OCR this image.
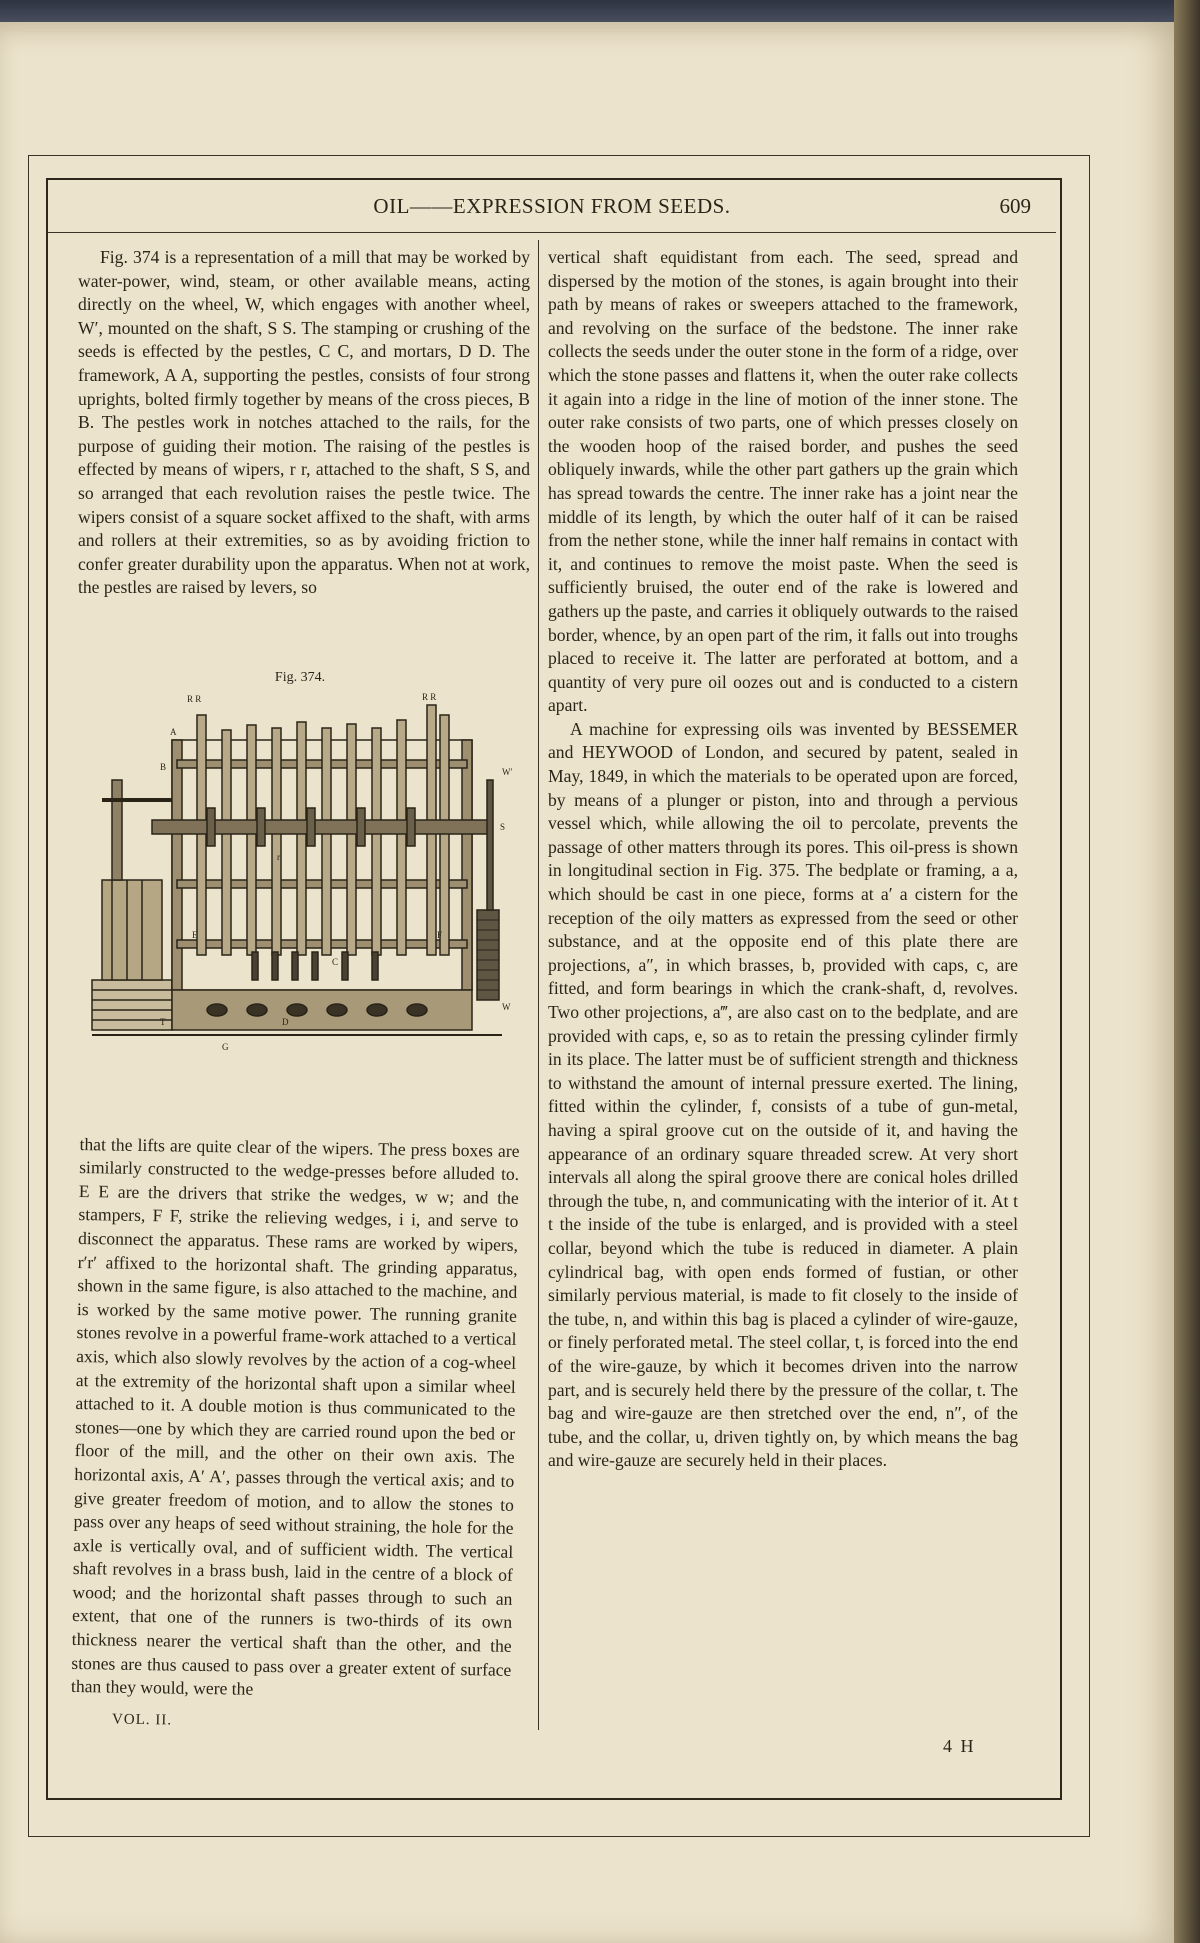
OIL——EXPRESSION FROM SEEDS.	609

Fig. 374 is a representation of a mill that may be worked by water-power, wind, steam, or other available means, acting directly on the wheel, W, which engages with another wheel, W′, mounted on the shaft, S S. The stamping or crushing of the seeds is effected by the pestles, C C, and mortars, D D. The framework, A A, supporting the pestles, consists of four strong uprights, bolted firmly together by means of the cross pieces, B B. The pestles work in notches attached to the rails, for the purpose of guiding their motion. The raising of the pestles is effected by means of wipers, r r, attached to the shaft, S S, and so arranged that each revolution raises the pestle twice. The wipers consist of a square socket affixed to the shaft, with arms and rollers at their extremities, so as by avoiding friction to confer greater durability upon the apparatus. When not at work, the pestles are raised by levers, so

Fig. 374.
R R	R R
A
B	W′
S
E	F
W
T
G
r
C
D

that the lifts are quite clear of the wipers. The press boxes are similarly constructed to the wedge-presses before alluded to. E E are the drivers that strike the wedges, w w; and the stampers, F F, strike the relieving wedges, i i, and serve to disconnect the apparatus. These rams are worked by wipers, r′r′ affixed to the horizontal shaft. The grinding apparatus, shown in the same figure, is also attached to the machine, and is worked by the same motive power. The running granite stones revolve in a powerful frame-work attached to a vertical axis, which also slowly revolves by the action of a cog-wheel at the extremity of the horizontal shaft upon a similar wheel attached to it. A double motion is thus communicated to the stones—one by which they are carried round upon the bed or floor of the mill, and the other on their own axis. The horizontal axis, A′ A′, passes through the vertical axis; and to give greater freedom of motion, and to allow the stones to pass over any heaps of seed without straining, the hole for the axle is vertically oval, and of sufficient width. The vertical shaft revolves in a brass bush, laid in the centre of a block of wood; and the horizontal shaft passes through to such an extent, that one of the runners is two-thirds of its own thickness nearer the vertical shaft than the other, and the stones are thus caused to pass over a greater extent of surface than they would, were the

VOL. II.

vertical shaft equidistant from each. The seed, spread and dispersed by the motion of the stones, is again brought into their path by means of rakes or sweepers attached to the framework, and revolving on the surface of the bedstone. The inner rake collects the seeds under the outer stone in the form of a ridge, over which the stone passes and flattens it, when the outer rake collects it again into a ridge in the line of motion of the inner stone. The outer rake consists of two parts, one of which presses closely on the wooden hoop of the raised border, and pushes the seed obliquely inwards, while the other part gathers up the grain which has spread towards the centre. The inner rake has a joint near the middle of its length, by which the outer half of it can be raised from the nether stone, while the inner half remains in contact with it, and continues to remove the moist paste. When the seed is sufficiently bruised, the outer end of the rake is lowered and gathers up the paste, and carries it obliquely outwards to the raised border, whence, by an open part of the rim, it falls out into troughs placed to receive it. The latter are perforated at bottom, and a quantity of very pure oil oozes out and is conducted to a cistern apart.

A machine for expressing oils was invented by BESSEMER and HEYWOOD of London, and secured by patent, sealed in May, 1849, in which the materials to be operated upon are forced, by means of a plunger or piston, into and through a pervious vessel which, while allowing the oil to percolate, prevents the passage of other matters through its pores. This oil-press is shown in longitudinal section in Fig. 375. The bedplate or framing, a a, which should be cast in one piece, forms at a′ a cistern for the reception of the oily matters as expressed from the seed or other substance, and at the opposite end of this plate there are projections, a″, in which brasses, b, provided with caps, c, are fitted, and form bearings in which the crank-shaft, d, revolves. Two other projections, a‴, are also cast on to the bedplate, and are provided with caps, e, so as to retain the pressing cylinder firmly in its place. The latter must be of sufficient strength and thickness to withstand the amount of internal pressure exerted. The lining, fitted within the cylinder, f, consists of a tube of gun-metal, having a spiral groove cut on the outside of it, and having the appearance of an ordinary square threaded screw. At very short intervals all along the spiral groove there are conical holes drilled through the tube, n, and communicating with the interior of it. At t t the inside of the tube is enlarged, and is provided with a steel collar, beyond which the tube is reduced in diameter. A plain cylindrical bag, with open ends formed of fustian, or other similarly pervious material, is made to fit closely to the inside of the tube, n, and within this bag is placed a cylinder of wire-gauze, or finely perforated metal. The steel collar, t, is forced into the end of the wire-gauze, by which it becomes driven into the narrow part, and is securely held there by the pressure of the collar, t. The bag and wire-gauze are then stretched over the end, n″, of the tube, and the collar, u, driven tightly on, by which means the bag and wire-gauze are securely held in their places.

4 H
